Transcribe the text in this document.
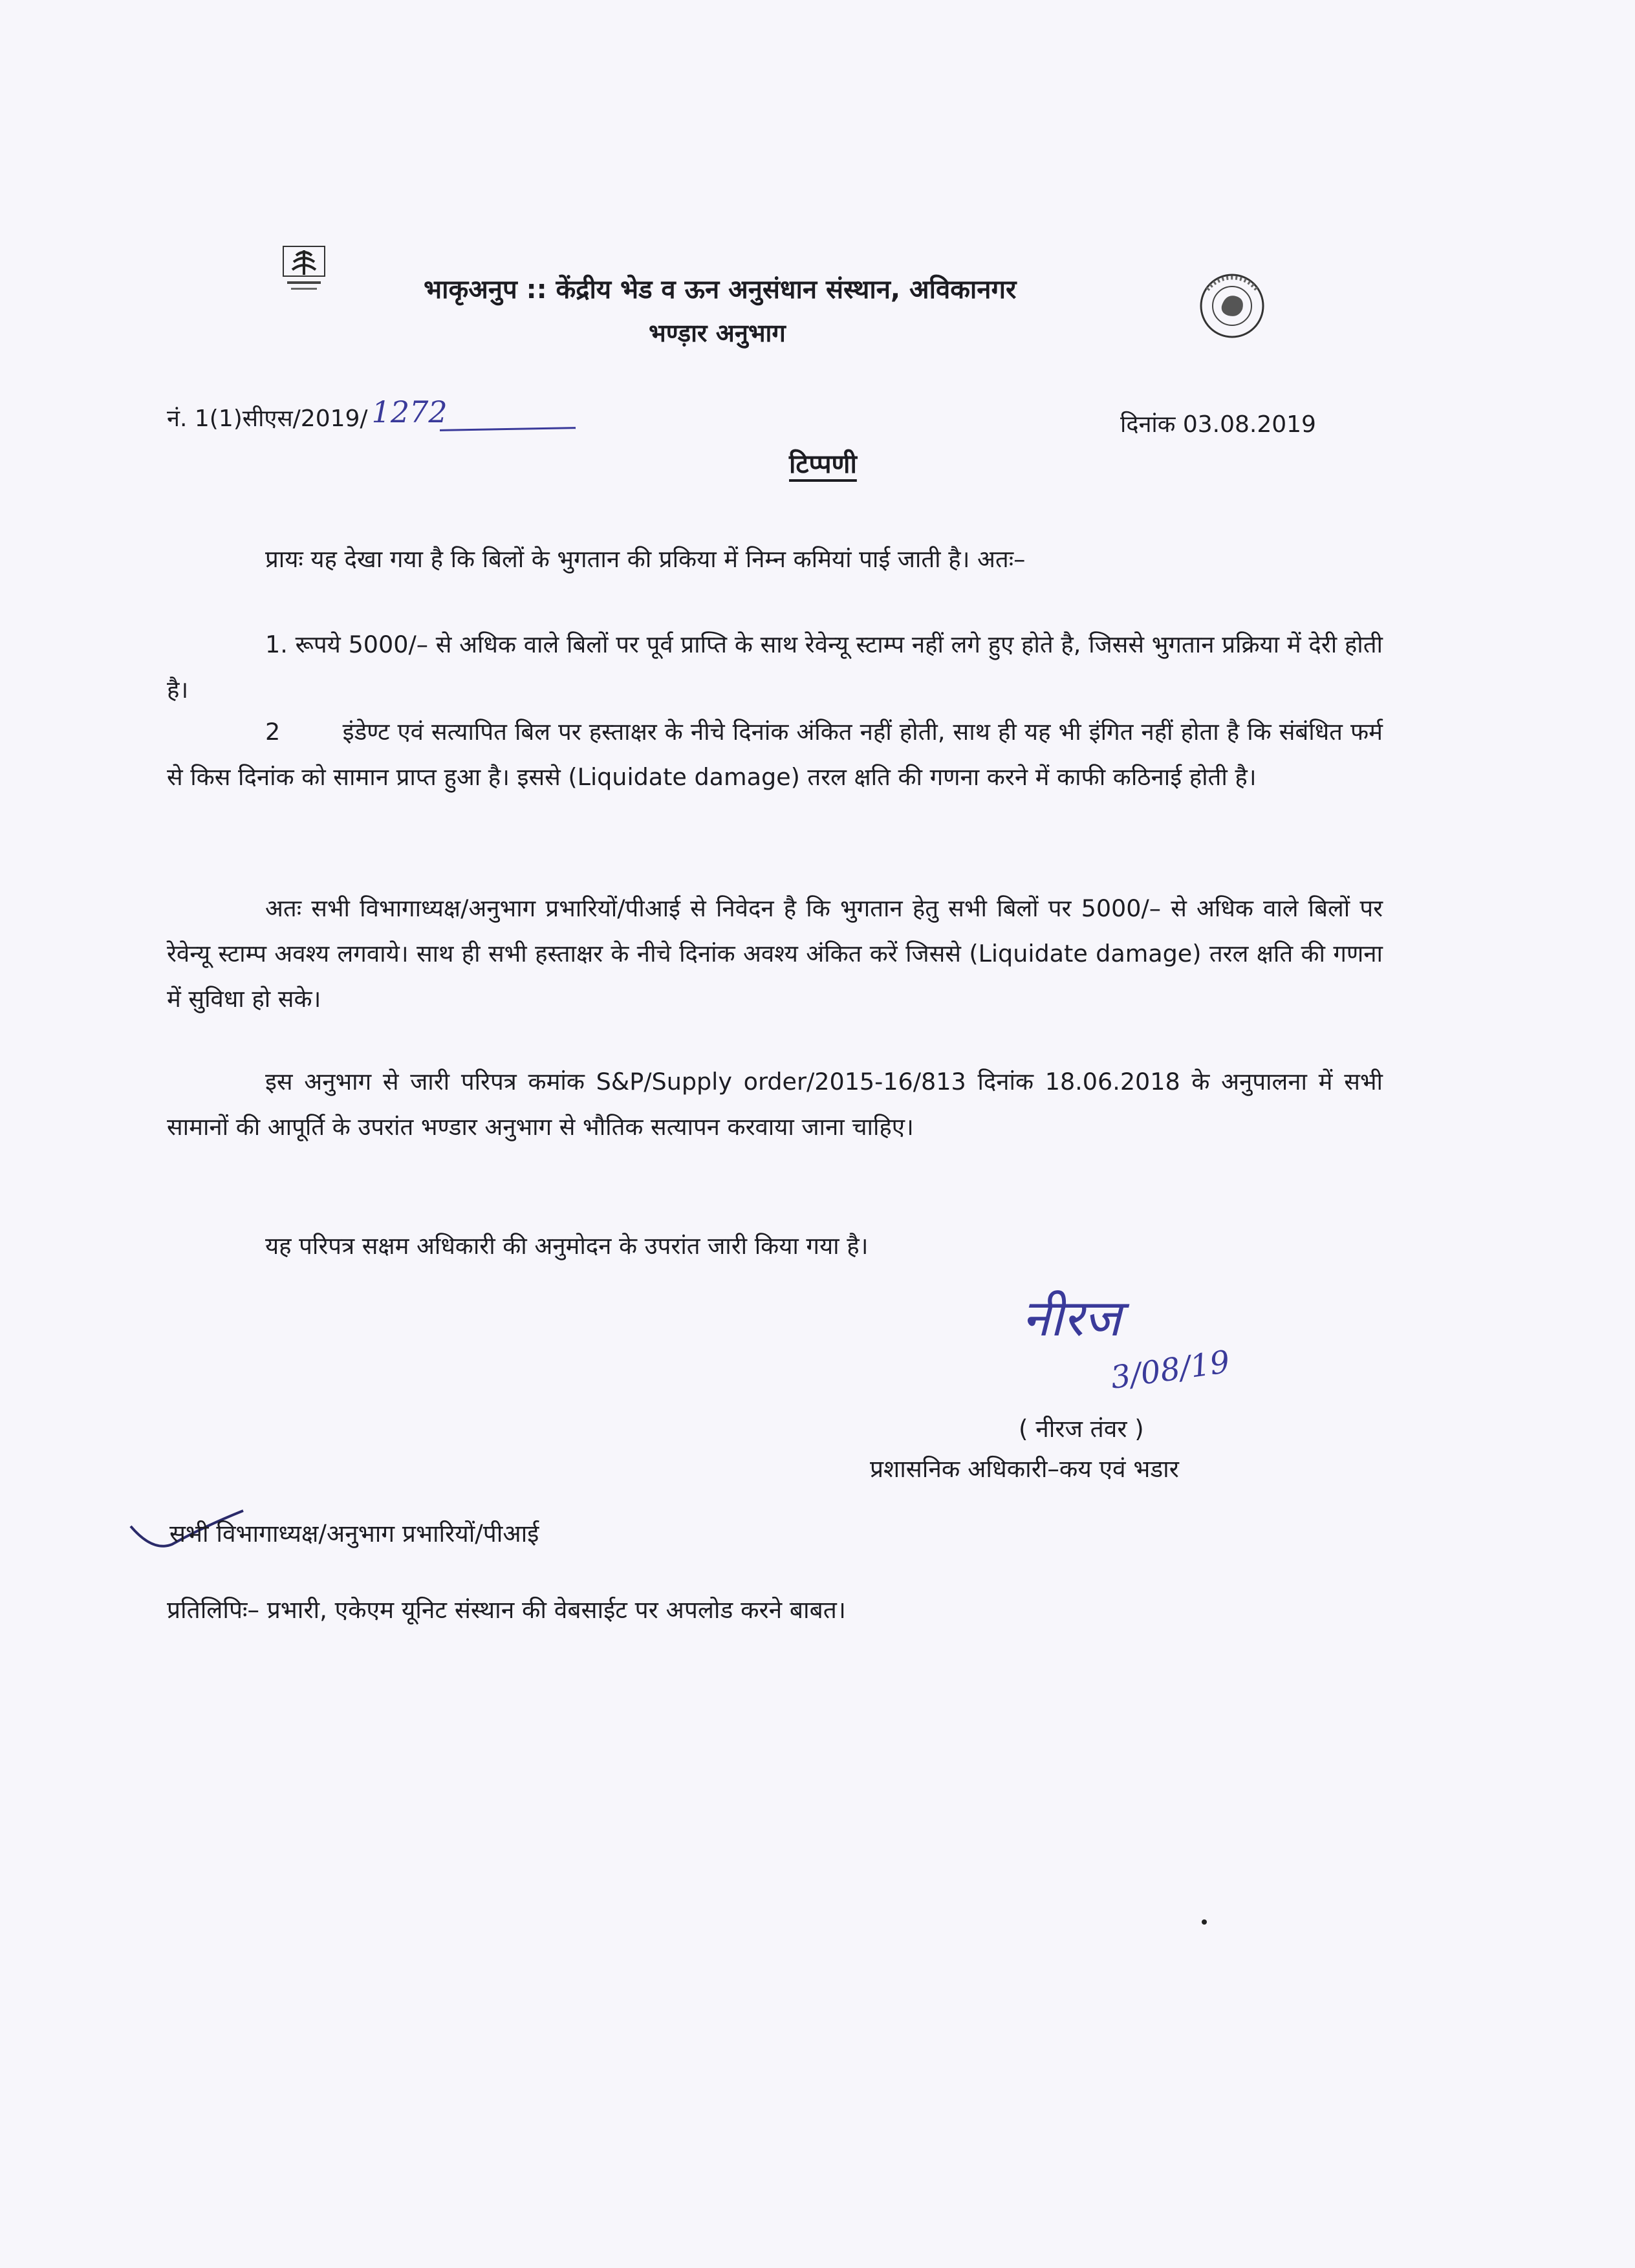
भाकृअनुप :: केंद्रीय भेड व ऊन अनुसंधान संस्थान, अविकानगर
भण्ड़ार अनुभाग
नं. 1(1)सीएस/2019/ 1272	दिनांक 03.08.2019
टिप्पणी
प्रायः यह देखा गया है कि बिलों के भुगतान की प्रकिया में निम्न कमियां पाई जाती है। अतः–
1. रूपये 5000/– से अधिक वाले बिलों पर पूर्व प्राप्ति के साथ रेवेन्यू स्टाम्प नहीं लगे हुए होते है, जिससे भुगतान प्रक्रिया में देरी होती है।
2        इंडेण्ट एवं सत्यापित बिल पर हस्ताक्षर के नीचे दिनांक अंकित नहीं होती, साथ ही यह भी इंगित नहीं होता है कि संबंधित फर्म से किस दिनांक को सामान प्राप्त हुआ है। इससे (Liquidate damage) तरल क्षति की गणना करने में काफी कठिनाई होती है।
अतः सभी विभागाध्यक्ष/अनुभाग प्रभारियों/पीआई से निवेदन है कि भुगतान हेतु सभी बिलों पर 5000/– से अधिक वाले बिलों पर रेवेन्यू स्टाम्प अवश्य लगवाये। साथ ही सभी हस्ताक्षर के नीचे दिनांक अवश्य अंकित करें जिससे (Liquidate damage) तरल क्षति की गणना में सुविधा हो सके।
इस अनुभाग से जारी परिपत्र कमांक S&P/Supply order/2015-16/813 दिनांक 18.06.2018 के अनुपालना में सभी सामानों की आपूर्ति के उपरांत भण्डार अनुभाग से भौतिक सत्यापन करवाया जाना चाहिए।
यह परिपत्र सक्षम अधिकारी की अनुमोदन के उपरांत जारी किया गया है।
नीरज
3/08/19
( नीरज तंवर )
प्रशासनिक अधिकारी–कय एवं भडार
सभी विभागाध्यक्ष/अनुभाग प्रभारियों/पीआई
प्रतिलिपिः– प्रभारी, एकेएम यूनिट संस्थान की वेबसाईट पर अपलोड करने बाबत।
